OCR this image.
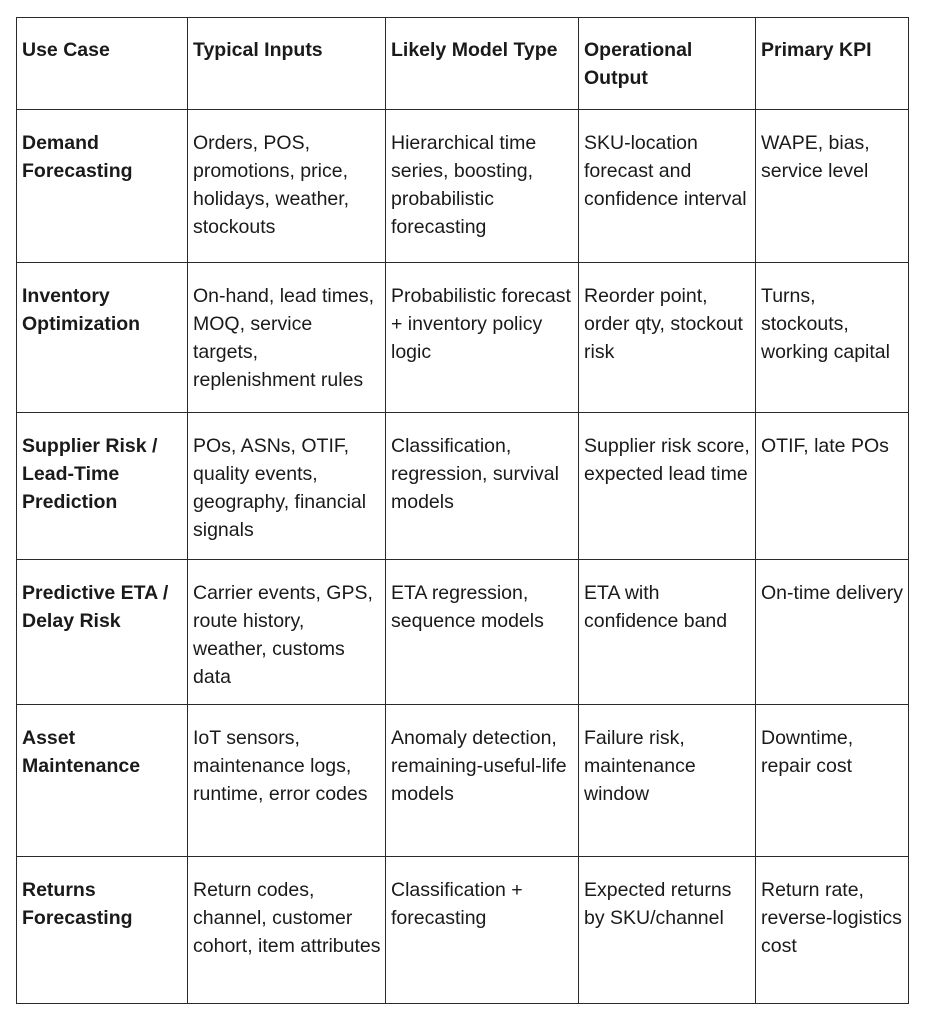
Use Case	Typical Inputs	Likely Model Type	Operational Output	Primary KPI
Demand Forecasting	Orders, POS, promotions, price, holidays, weather, stockouts	Hierarchical time series, boosting, probabilistic forecasting	SKU-location forecast and confidence interval	WAPE, bias, service level
Inventory Optimization	On-hand, lead times, MOQ, service targets, replenishment rules	Probabilistic forecast + inventory policy logic	Reorder point, order qty, stockout risk	Turns, stockouts, working capital
Supplier Risk / Lead-Time Prediction	POs, ASNs, OTIF, quality events, geography, financial signals	Classification, regression, survival models	Supplier risk score, expected lead time	OTIF, late POs
Predictive ETA / Delay Risk	Carrier events, GPS, route history, weather, customs data	ETA regression, sequence models	ETA with confidence band	On-time delivery
Asset Maintenance	IoT sensors, maintenance logs, runtime, error codes	Anomaly detection, remaining-useful-life models	Failure risk, maintenance window	Downtime, repair cost
Returns Forecasting	Return codes, channel, customer cohort, item attributes	Classification + forecasting	Expected returns by SKU/channel	Return rate, reverse-logistics cost
